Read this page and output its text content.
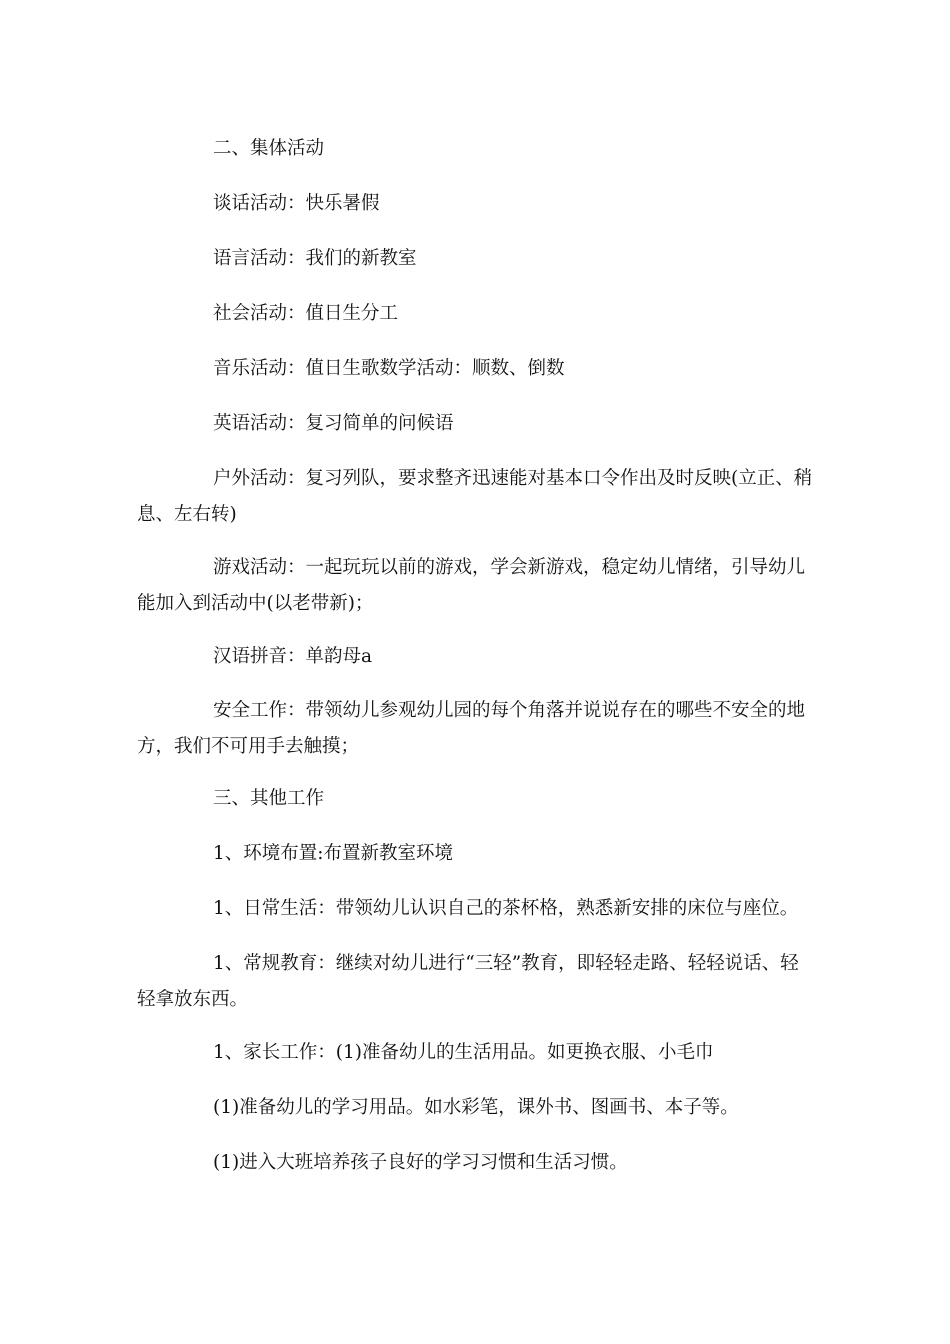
二、集体活动

谈话活动：快乐暑假

语言活动：我们的新教室

社会活动：值日生分工

音乐活动：值日生歌数学活动：顺数、倒数

英语活动：复习简单的问候语

户外活动：复习列队，要求整齐迅速能对基本口令作出及时反映(立正、稍息、左右转)

游戏活动：一起玩玩以前的游戏，学会新游戏，稳定幼儿情绪，引导幼儿能加入到活动中(以老带新)；

汉语拼音：单韵母a

安全工作：带领幼儿参观幼儿园的每个角落并说说存在的哪些不安全的地方，我们不可用手去触摸；

三、其他工作

1、环境布置:布置新教室环境

1、日常生活：带领幼儿认识自己的茶杯格，熟悉新安排的床位与座位。

1、常规教育：继续对幼儿进行“三轻”教育，即轻轻走路、轻轻说话、轻轻拿放东西。

1、家长工作：(1)准备幼儿的生活用品。如更换衣服、小毛巾

(1)准备幼儿的学习用品。如水彩笔，课外书、图画书、本子等。

(1)进入大班培养孩子良好的学习习惯和生活习惯。
